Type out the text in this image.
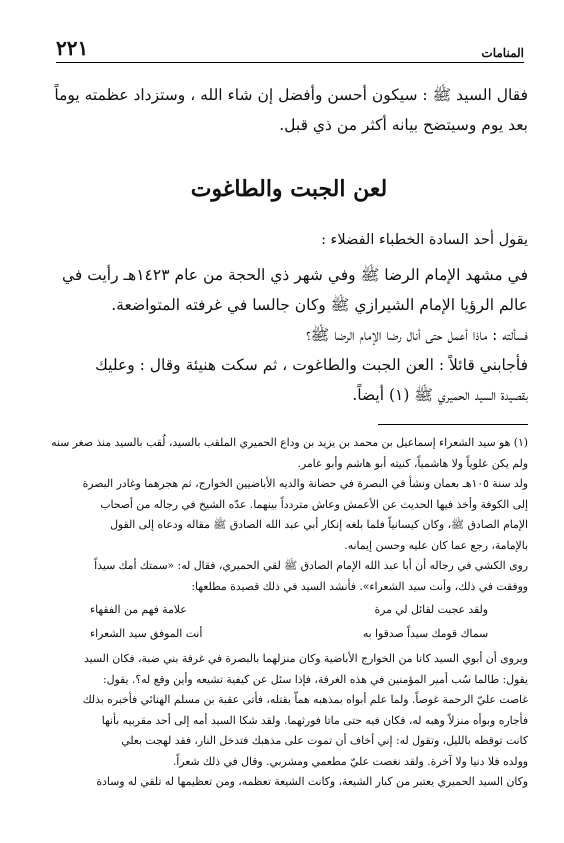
٢٢١	المنامات

فقال السيد ﷺ : سيكون أحسن وأفضل إن شاء الله ، وستزداد عظمته يوماً

بعد يوم وسيتضح بيانه أكثر من ذي قبل.

لعن الجبت والطاغوت

يقول أحد السادة الخطباء الفضلاء :

في مشهد الإمام الرضا ﷺ وفي شهر ذي الحجة من عام ١٤٢٣هـ رأيت في

عالم الرؤيا الإمام الشيرازي ﷺ وكان جالسا في غرفته المتواضعة.

فسألته : ماذا أعمل حتى أنال رضا الإمام الرضا ﷺ؟

فأجابني قائلاً : العن الجبت والطاغوت ، ثم سكت هنيئة وقال : وعليك

بقصيدة السيد الحميري ﷺ (١) أيضاً.

(١) هو سيد الشعراء إسماعيل بن محمد بن يزيد بن وداع الحميري الملقب بالسيد، لُقب بالسيد منذ صغر سنه

ولم يكن علوياً ولا هاشمياً، كنيته أبو هاشم وأبو عامر.

ولد سنة ١٠٥هـ بعمان ونشأ في البصرة في حضانة والديه الأباضيين الخوارج، ثم هجرهما وغادر البصرة

إلى الكوفة وأخذ فيها الحديث عن الأعمش وعاش متردداً بينهما. عدّه الشيخ في رجاله من أصحاب

الإمام الصادق ﷺ، وكان كيسانياً فلما بلغه إنكار أبي عبد الله الصادق ﷺ مقاله ودعاه إلى القول

بالإمامة، رجع عما كان عليه وحسن إيمانه.

روى الكشي في رجاله أن أبا عبد الله الإمام الصادق ﷺ لقي الحميري، فقال له: «سمتك أمك سيداً

ووفقت في ذلك، وأنت سيد الشعراء». فأنشد السيد في ذلك قصيدة مطلعها:

ولقد عجبت لقائل لي مرة
علامة فهم من الفقهاء
سماك قومك سيداً صدقوا به
أنت الموفق سيد الشعراء

ويروى أن أبوي السيد كانا من الخوارج الأباضية وكان منزلهما بالبصرة في غرفة بني ضبة، فكان السيد

يقول: طالما سُب أمير المؤمنين في هذه الغرفة، فإذا سئل عن كيفية تشيعه وأين وقع له؟. يقول:

غاصت عليّ الرحمة غوصاً. ولما علم أبواه بمذهبه هماّ بقتله، فأتى عقبة بن مسلم الهنائي فأخبره بذلك

فأجاره وبوأه منزلاً وهبه له، فكان فيه حتى ماتا فورثهما. ولقد شكا السيد أمه إلى أحد مقربيه بأنها

كانت توقظه بالليل، وتقول له: إني أخاف أن تموت على مذهبك فتدخل النار، فقد لهجت بعلي

وولده فلا دنيا ولا آخرة. ولقد نغصت عليّ مطعمي ومشربي. وقال في ذلك شعراً.

وكان السيد الحميري يعتبر من كبار الشيعة، وكانت الشيعة تعظمه، ومن تعظيمها له تلقي له وسادة
